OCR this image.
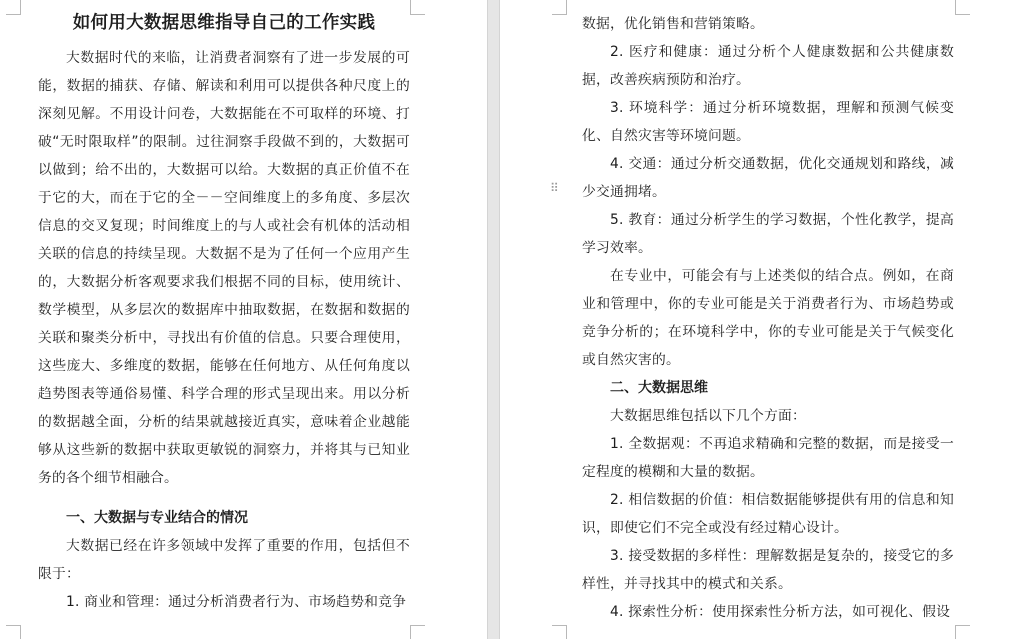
如何用大数据思维指导自己的工作实践

大数据时代的来临，让消费者洞察有了进一步发展的可能，数据的捕获、存储、解读和利用可以提供各种尺度上的深刻见解。不用设计问卷，大数据能在不可取样的环境、打破“无时限取样”的限制。过往洞察手段做不到的，大数据可以做到；给不出的，大数据可以给。大数据的真正价值不在于它的大，而在于它的全－－空间维度上的多角度、多层次信息的交叉复现；时间维度上的与人或社会有机体的活动相关联的信息的持续呈现。大数据不是为了任何一个应用产生的，大数据分析客观要求我们根据不同的目标，使用统计、数学模型，从多层次的数据库中抽取数据，在数据和数据的关联和聚类分析中，寻找出有价值的信息。只要合理使用，这些庞大、多维度的数据，能够在任何地方、从任何角度以趋势图表等通俗易懂、科学合理的形式呈现出来。用以分析的数据越全面，分析的结果就越接近真实，意味着企业越能够从这些新的数据中获取更敏锐的洞察力，并将其与已知业务的各个细节相融合。

一、大数据与专业结合的情况

大数据已经在许多领域中发挥了重要的作用，包括但不限于：

1. 商业和管理：通过分析消费者行为、市场趋势和竞争

数据，优化销售和营销策略。

2. 医疗和健康：通过分析个人健康数据和公共健康数据，改善疾病预防和治疗。

3. 环境科学：通过分析环境数据，理解和预测气候变化、自然灾害等环境问题。

4. 交通：通过分析交通数据，优化交通规划和路线，减少交通拥堵。

5. 教育：通过分析学生的学习数据，个性化教学，提高学习效率。

在专业中，可能会有与上述类似的结合点。例如，在商业和管理中，你的专业可能是关于消费者行为、市场趋势或竞争分析的；在环境科学中，你的专业可能是关于气候变化或自然灾害的。

二、大数据思维

大数据思维包括以下几个方面：

1. 全数据观：不再追求精确和完整的数据，而是接受一定程度的模糊和大量的数据。

2. 相信数据的价值：相信数据能够提供有用的信息和知识，即使它们不完全或没有经过精心设计。

3. 接受数据的多样性：理解数据是复杂的，接受它的多样性，并寻找其中的模式和关系。

4. 探索性分析：使用探索性分析方法，如可视化、假设

⠿
